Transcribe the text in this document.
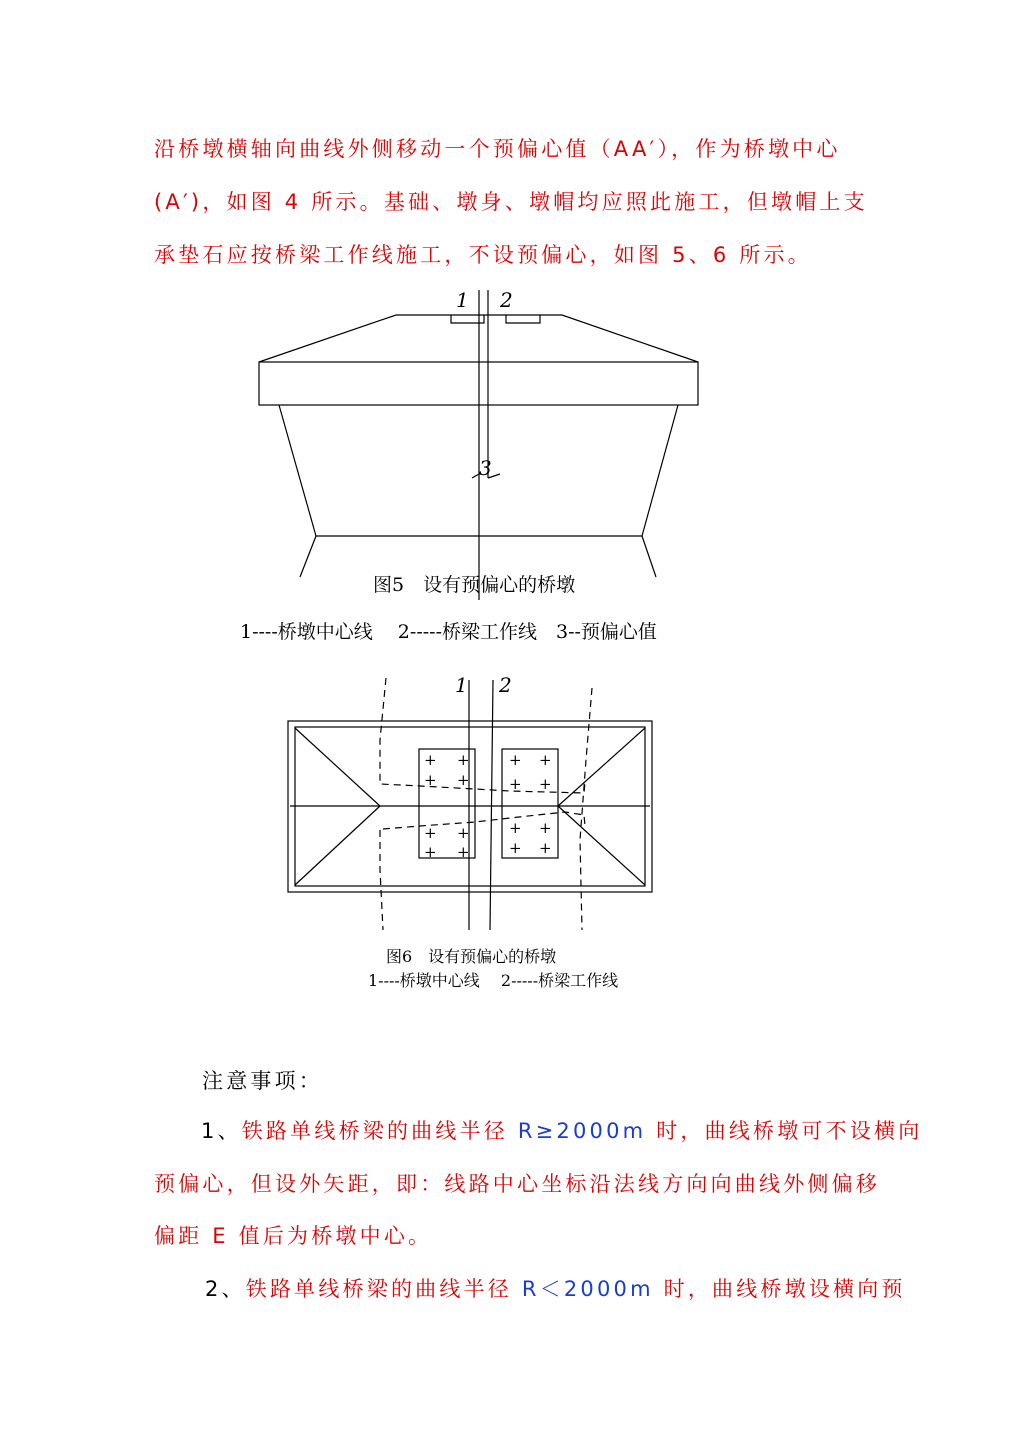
沿桥墩横轴向曲线外侧移动一个预偏心值（AA′），作为桥墩中心
(A′)，如图 4 所示。基础、墩身、墩帽均应照此施工，但墩帽上支
承垫石应按桥梁工作线施工，不设预偏心，如图 5、6 所示。
1 2
3
图5　设有预偏心的桥墩
1----桥墩中心线　 2-----桥梁工作线　3--预偏心值
+ +
+ +
+ +
+ +
+ +
+ +
+ +
+ +
1 2
图6　设有预偏心的桥墩
1----桥墩中心线　 2-----桥梁工作线
注意事项：
1、铁路单线桥梁的曲线半径 R≥2000m 时，曲线桥墩可不设横向
预偏心，但设外矢距，即：线路中心坐标沿法线方向向曲线外侧偏移
偏距 E 值后为桥墩中心。
2、铁路单线桥梁的曲线半径 R＜2000m 时，曲线桥墩设横向预
